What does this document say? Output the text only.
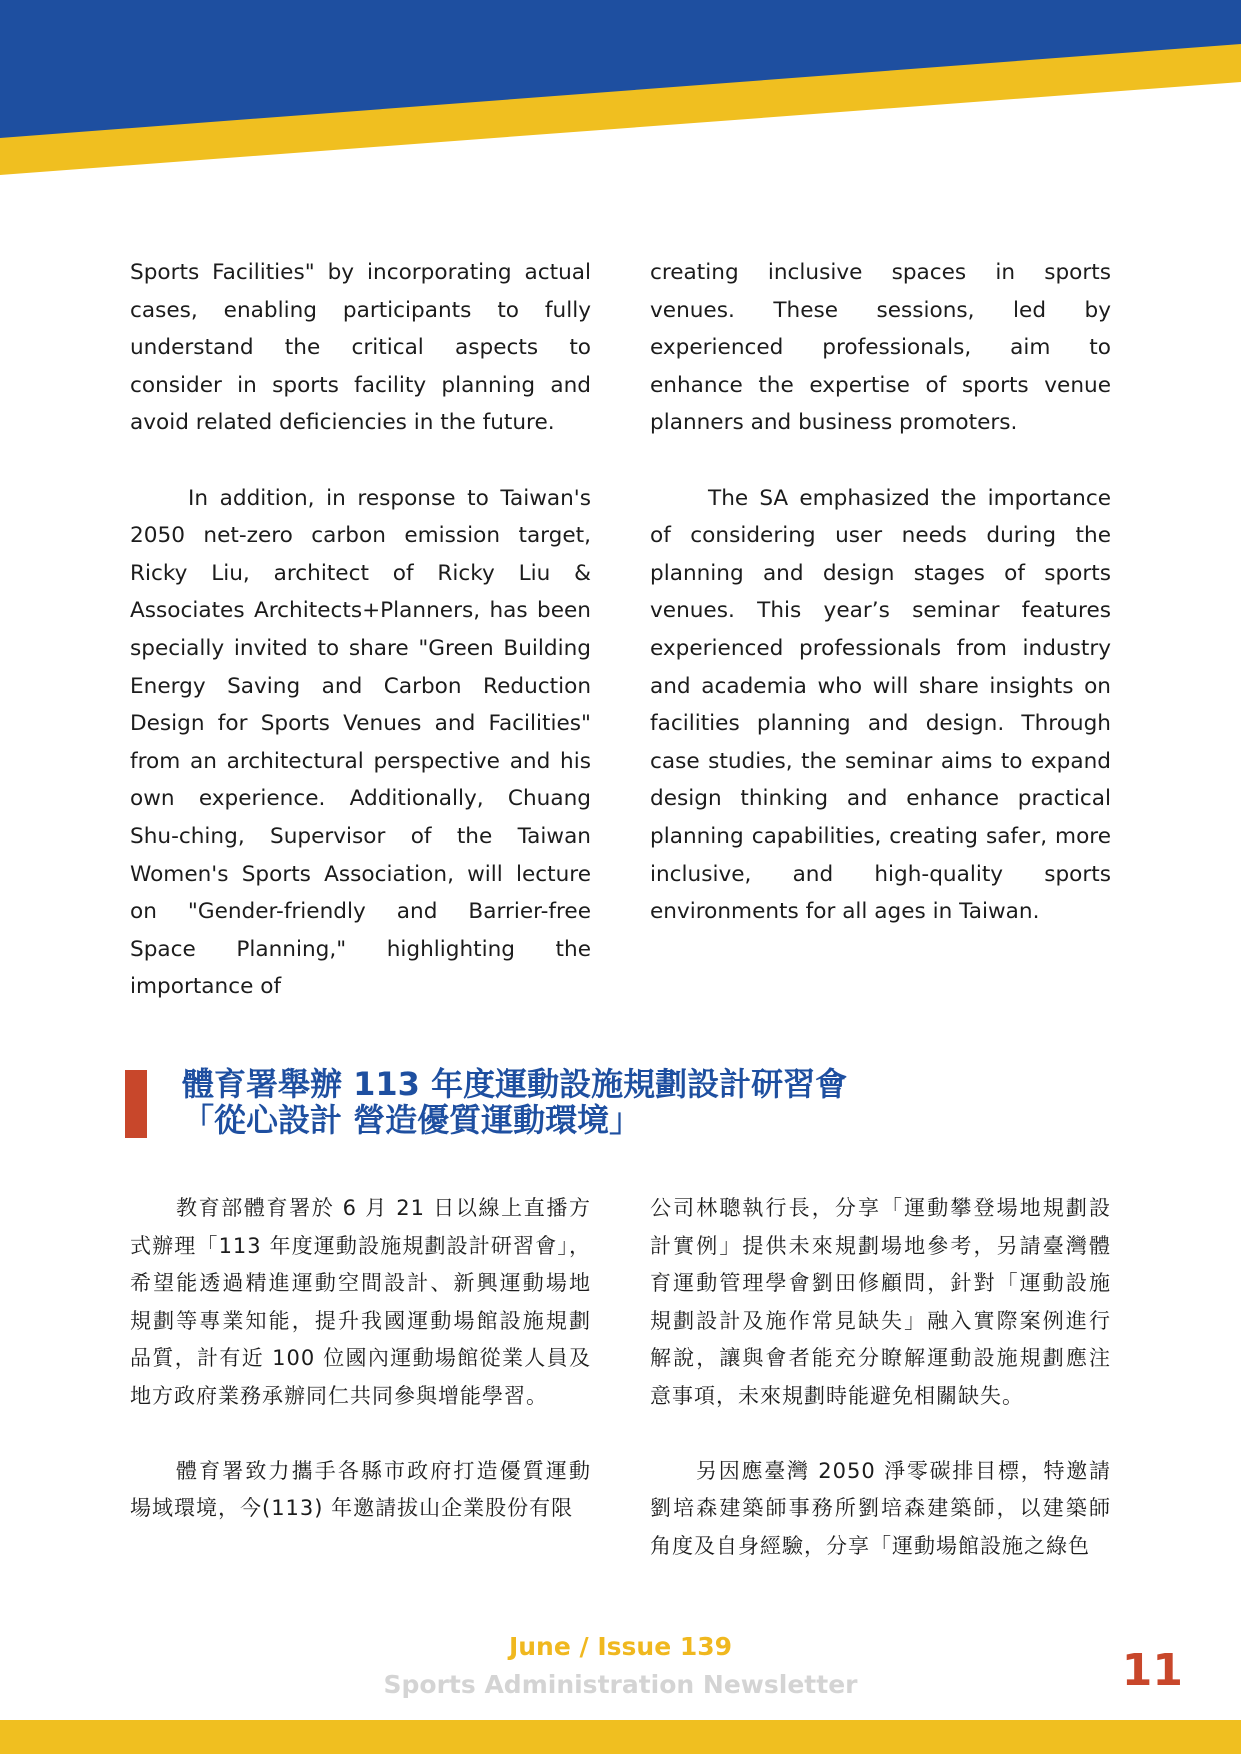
Sports Facilities" by incorporating actual cases, enabling participants to fully understand the critical aspects to consider in sports facility planning and avoid related deficiencies in the future.

In addition, in response to Taiwan's 2050 net-zero carbon emission target, Ricky Liu, architect of Ricky Liu & Associates Architects+Planners, has been specially invited to share "Green Building Energy Saving and Carbon Reduction Design for Sports Venues and Facilities" from an architectural perspective and his own experience. Additionally, Chuang Shu-ching, Supervisor of the Taiwan Women's Sports Association, will lecture on "Gender-friendly and Barrier-free Space Planning," highlighting the importance of

creating inclusive spaces in sports venues. These sessions, led by experienced professionals, aim to enhance the expertise of sports venue planners and business promoters.

The SA emphasized the importance of considering user needs during the planning and design stages of sports venues. This year’s seminar features experienced professionals from industry and academia who will share insights on facilities planning and design. Through case studies, the seminar aims to expand design thinking and enhance practical planning capabilities, creating safer, more inclusive, and high-quality sports environments for all ages in Taiwan.

體育署舉辦 113 年度運動設施規劃設計研習會
「從心設計 營造優質運動環境」

教育部體育署於 6 月 21 日以線上直播方式辦理「113 年度運動設施規劃設計研習會」，希望能透過精進運動空間設計、新興運動場地規劃等專業知能，提升我國運動場館設施規劃品質，計有近 100 位國內運動場館從業人員及地方政府業務承辦同仁共同參與增能學習。

體育署致力攜手各縣市政府打造優質運動場域環境，今(113) 年邀請拔山企業股份有限

公司林聰執行長，分享「運動攀登場地規劃設計實例」提供未來規劃場地參考，另請臺灣體育運動管理學會劉田修顧問，針對「運動設施規劃設計及施作常見缺失」融入實際案例進行解說，讓與會者能充分瞭解運動設施規劃應注意事項，未來規劃時能避免相關缺失。

另因應臺灣 2050 淨零碳排目標，特邀請劉培森建築師事務所劉培森建築師，以建築師角度及自身經驗，分享「運動場館設施之綠色

June / Issue 139
Sports Administration Newsletter	11
